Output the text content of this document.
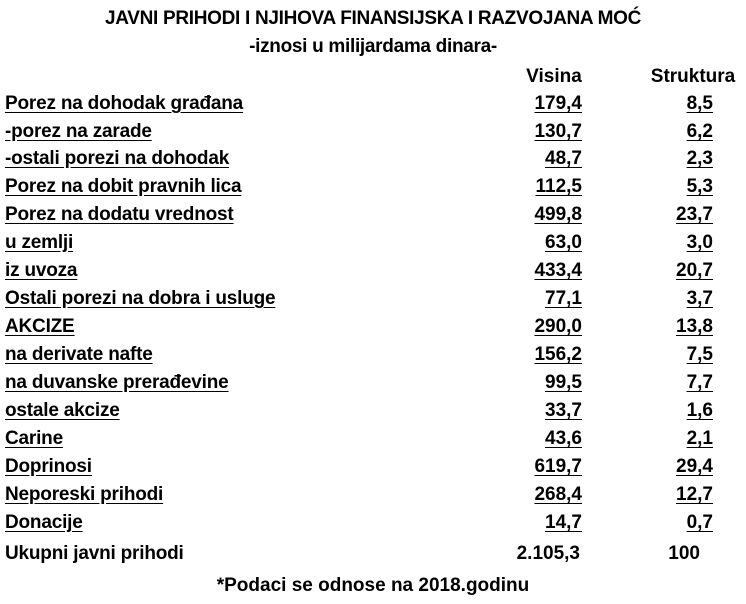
JAVNI PRIHODI I NJIHOVA FINANSIJSKA I RAZVOJANA MOĆ
-iznosi u milijardama dinara-
Visina	Struktura
Porez na dohodak građana	179,4	8,5
-porez na zarade	130,7	6,2
-ostali porezi na dohodak	48,7	2,3
Porez na dobit pravnih lica	112,5	5,3
Porez na dodatu vrednost	499,8	23,7
u zemlji	63,0	3,0
iz uvoza	433,4	20,7
Ostali porezi na dobra i usluge	77,1	3,7
AKCIZE	290,0	13,8
na derivate nafte	156,2	7,5
na duvanske prerađevine	99,5	7,7
ostale akcize	33,7	1,6
Carine	43,6	2,1
Doprinosi	619,7	29,4
Neporeski prihodi	268,4	12,7
Donacije	14,7	0,7
Ukupni javni prihodi	2.105,3	100
*Podaci se odnose na 2018.godinu
